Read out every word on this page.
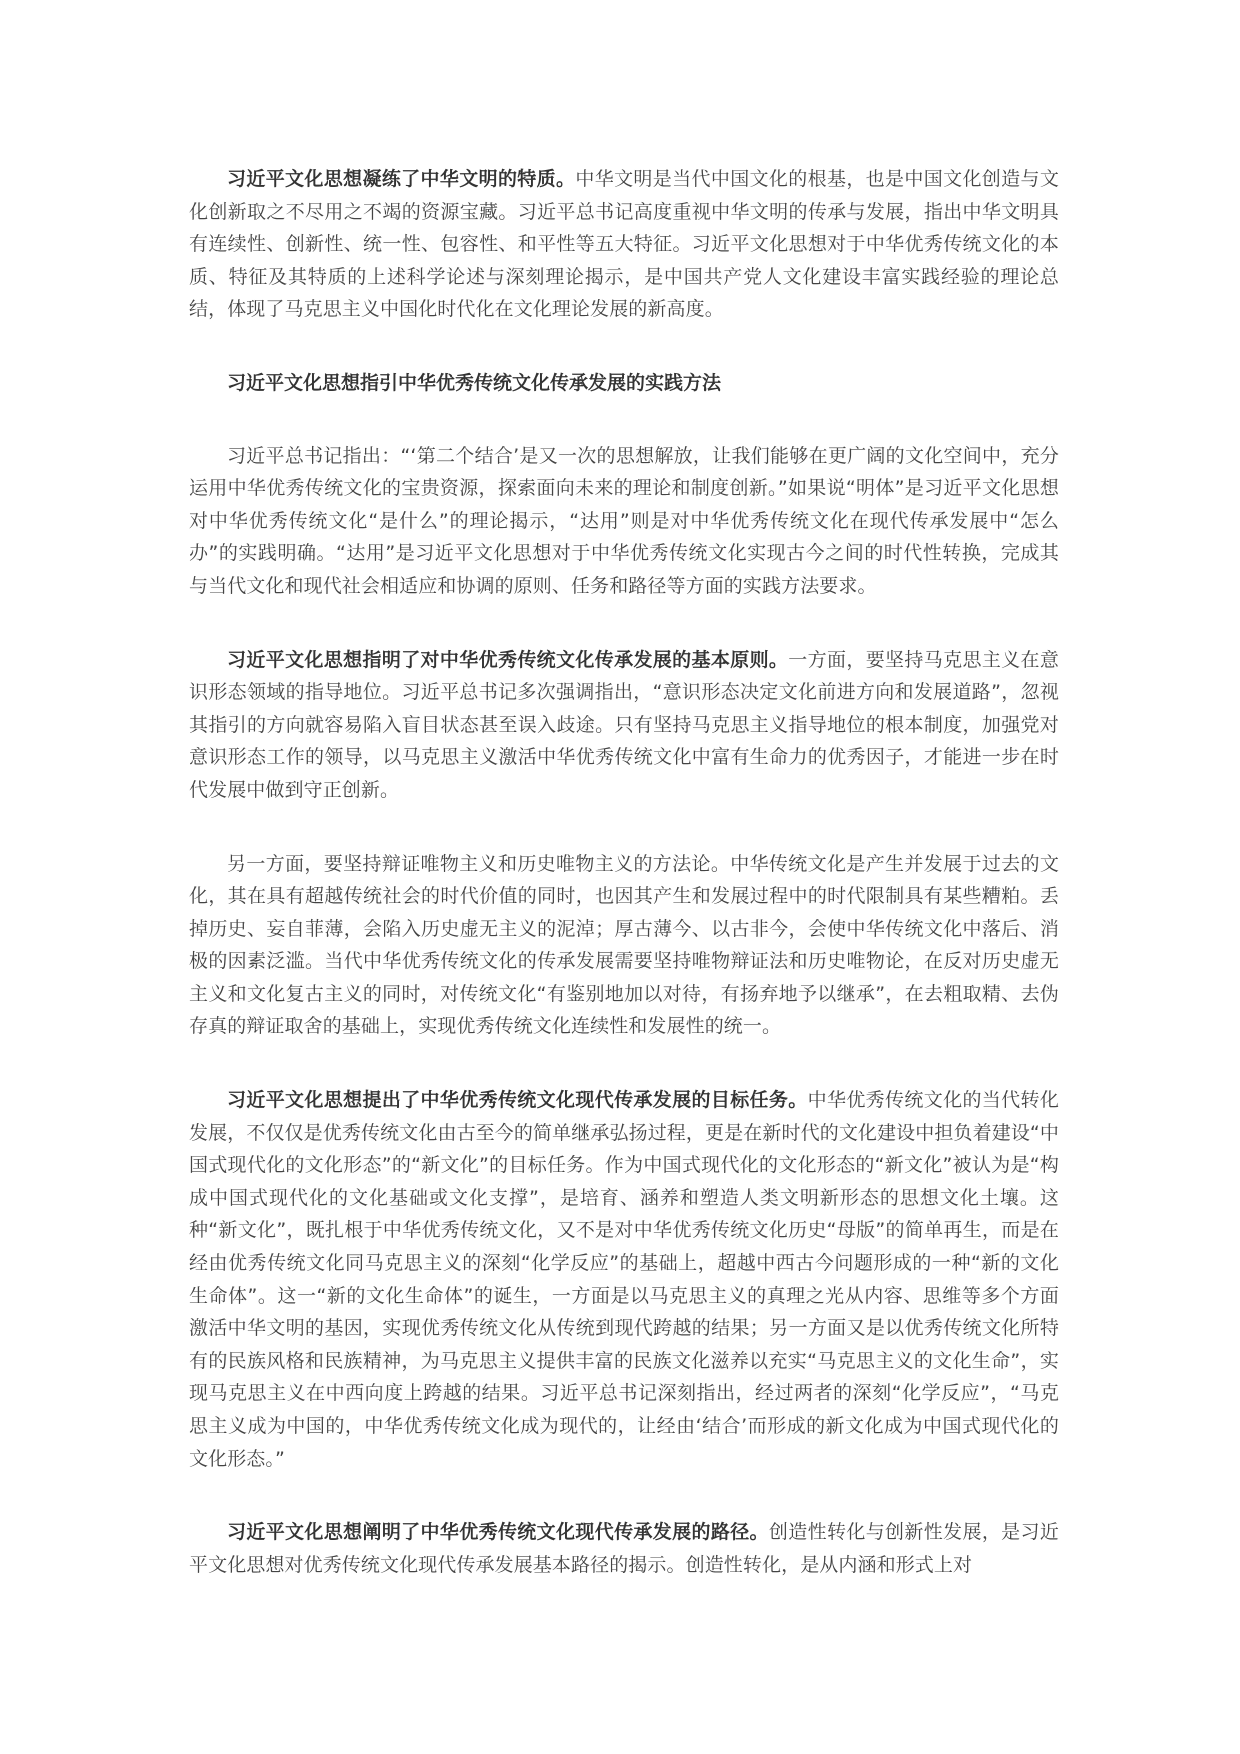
习近平文化思想凝练了中华文明的特质。中华文明是当代中国文化的根基，也是中国文化创造与文化创新取之不尽用之不竭的资源宝藏。习近平总书记高度重视中华文明的传承与发展，指出中华文明具有连续性、创新性、统一性、包容性、和平性等五大特征。习近平文化思想对于中华优秀传统文化的本质、特征及其特质的上述科学论述与深刻理论揭示，是中国共产党人文化建设丰富实践经验的理论总结，体现了马克思主义中国化时代化在文化理论发展的新高度。

习近平文化思想指引中华优秀传统文化传承发展的实践方法

习近平总书记指出：“‘第二个结合’是又一次的思想解放，让我们能够在更广阔的文化空间中，充分运用中华优秀传统文化的宝贵资源，探索面向未来的理论和制度创新。”如果说“明体”是习近平文化思想对中华优秀传统文化“是什么”的理论揭示，“达用”则是对中华优秀传统文化在现代传承发展中“怎么办”的实践明确。“达用”是习近平文化思想对于中华优秀传统文化实现古今之间的时代性转换，完成其与当代文化和现代社会相适应和协调的原则、任务和路径等方面的实践方法要求。

习近平文化思想指明了对中华优秀传统文化传承发展的基本原则。一方面，要坚持马克思主义在意识形态领域的指导地位。习近平总书记多次强调指出，“意识形态决定文化前进方向和发展道路”，忽视其指引的方向就容易陷入盲目状态甚至误入歧途。只有坚持马克思主义指导地位的根本制度，加强党对意识形态工作的领导，以马克思主义激活中华优秀传统文化中富有生命力的优秀因子，才能进一步在时代发展中做到守正创新。

另一方面，要坚持辩证唯物主义和历史唯物主义的方法论。中华传统文化是产生并发展于过去的文化，其在具有超越传统社会的时代价值的同时，也因其产生和发展过程中的时代限制具有某些糟粕。丢掉历史、妄自菲薄，会陷入历史虚无主义的泥淖；厚古薄今、以古非今，会使中华传统文化中落后、消极的因素泛滥。当代中华优秀传统文化的传承发展需要坚持唯物辩证法和历史唯物论，在反对历史虚无主义和文化复古主义的同时，对传统文化“有鉴别地加以对待，有扬弃地予以继承”，在去粗取精、去伪存真的辩证取舍的基础上，实现优秀传统文化连续性和发展性的统一。

习近平文化思想提出了中华优秀传统文化现代传承发展的目标任务。中华优秀传统文化的当代转化发展，不仅仅是优秀传统文化由古至今的简单继承弘扬过程，更是在新时代的文化建设中担负着建设“中国式现代化的文化形态”的“新文化”的目标任务。作为中国式现代化的文化形态的“新文化”被认为是“构成中国式现代化的文化基础或文化支撑”，是培育、涵养和塑造人类文明新形态的思想文化土壤。这种“新文化”，既扎根于中华优秀传统文化，又不是对中华优秀传统文化历史“母版”的简单再生，而是在经由优秀传统文化同马克思主义的深刻“化学反应”的基础上，超越中西古今问题形成的一种“新的文化生命体”。这一“新的文化生命体”的诞生，一方面是以马克思主义的真理之光从内容、思维等多个方面激活中华文明的基因，实现优秀传统文化从传统到现代跨越的结果；另一方面又是以优秀传统文化所特有的民族风格和民族精神，为马克思主义提供丰富的民族文化滋养以充实“马克思主义的文化生命”，实现马克思主义在中西向度上跨越的结果。习近平总书记深刻指出，经过两者的深刻“化学反应”，“马克思主义成为中国的，中华优秀传统文化成为现代的，让经由‘结合’而形成的新文化成为中国式现代化的文化形态。”

习近平文化思想阐明了中华优秀传统文化现代传承发展的路径。创造性转化与创新性发展，是习近平文化思想对优秀传统文化现代传承发展基本路径的揭示。创造性转化，是从内涵和形式上对
